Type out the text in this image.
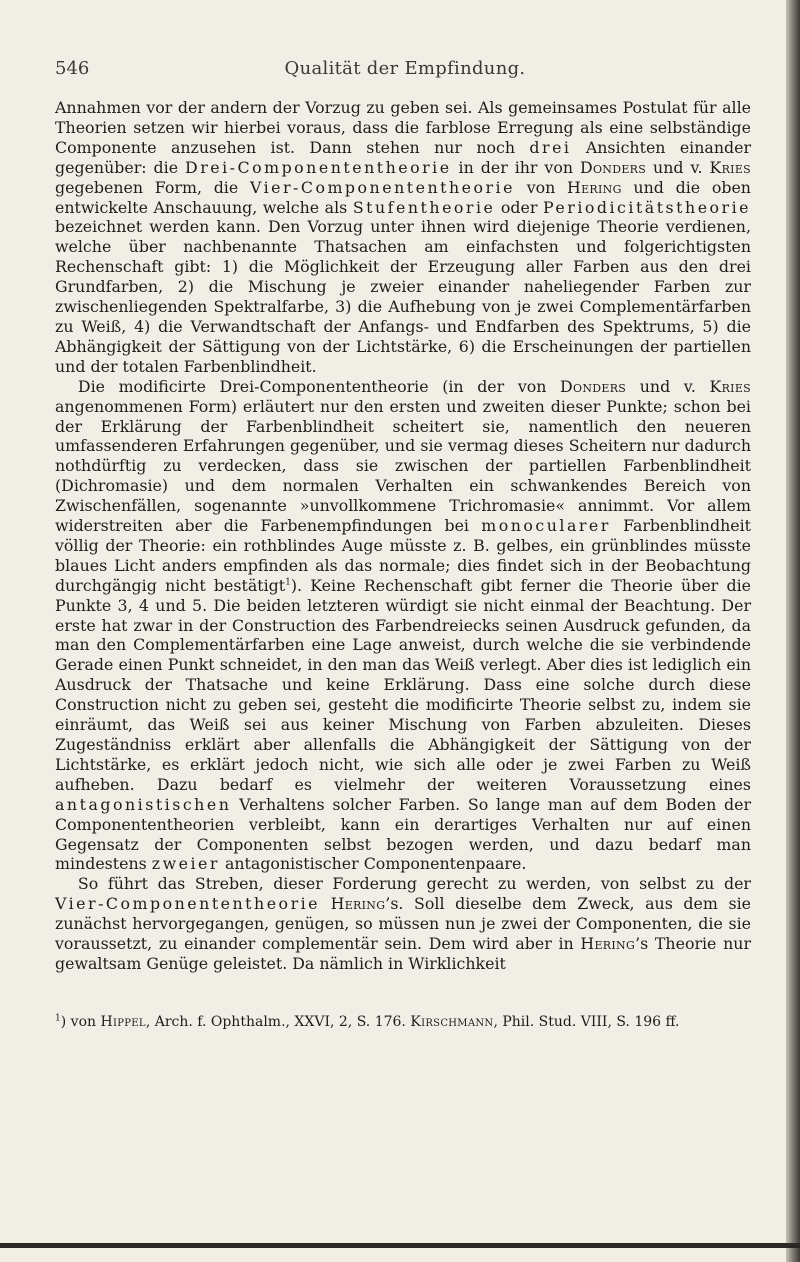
546	Qualität der Empfindung.

Annahmen vor der andern der Vorzug zu geben sei. Als gemeinsames Postulat für alle Theorien setzen wir hierbei voraus, dass die farblose Erregung als eine selbständige Componente anzusehen ist. Dann stehen nur noch drei Ansichten einander gegenüber: die Drei-Componententheorie in der ihr von Donders und v. Kries gegebenen Form, die Vier-Componententheorie von Hering und die oben entwickelte Anschauung, welche als Stufentheorie oder Periodicitätstheorie bezeichnet werden kann. Den Vorzug unter ihnen wird diejenige Theorie verdienen, welche über nachbenannte Thatsachen am einfachsten und folgerichtigsten Rechenschaft gibt: 1) die Möglichkeit der Erzeugung aller Farben aus den drei Grundfarben, 2) die Mischung je zweier einander naheliegender Farben zur zwischenliegenden Spektralfarbe, 3) die Aufhebung von je zwei Complementärfarben zu Weiß, 4) die Verwandtschaft der Anfangs- und Endfarben des Spektrums, 5) die Abhängigkeit der Sättigung von der Lichtstärke, 6) die Erscheinungen der partiellen und der totalen Farbenblindheit.

Die modificirte Drei-Componententheorie (in der von Donders und v. Kries angenommenen Form) erläutert nur den ersten und zweiten dieser Punkte; schon bei der Erklärung der Farbenblindheit scheitert sie, namentlich den neueren umfassenderen Erfahrungen gegenüber, und sie vermag dieses Scheitern nur dadurch nothdürftig zu verdecken, dass sie zwischen der partiellen Farbenblindheit (Dichromasie) und dem normalen Verhalten ein schwankendes Bereich von Zwischenfällen, sogenannte »unvollkommene Trichromasie« annimmt. Vor allem widerstreiten aber die Farbenempfindungen bei monocularer Farbenblindheit völlig der Theorie: ein rothblindes Auge müsste z. B. gelbes, ein grünblindes müsste blaues Licht anders empfinden als das normale; dies findet sich in der Beobachtung durchgängig nicht bestätigt$^1$). Keine Rechenschaft gibt ferner die Theorie über die Punkte 3, 4 und 5. Die beiden letzteren würdigt sie nicht einmal der Beachtung. Der erste hat zwar in der Construction des Farbendreiecks seinen Ausdruck gefunden, da man den Complementärfarben eine Lage anweist, durch welche die sie verbindende Gerade einen Punkt schneidet, in den man das Weiß verlegt. Aber dies ist lediglich ein Ausdruck der Thatsache und keine Erklärung. Dass eine solche durch diese Construction nicht zu geben sei, gesteht die modificirte Theorie selbst zu, indem sie einräumt, das Weiß sei aus keiner Mischung von Farben abzuleiten. Dieses Zugeständniss erklärt aber allenfalls die Abhängigkeit der Sättigung von der Lichtstärke, es erklärt jedoch nicht, wie sich alle oder je zwei Farben zu Weiß aufheben. Dazu bedarf es vielmehr der weiteren Voraussetzung eines antagonistischen Verhaltens solcher Farben. So lange man auf dem Boden der Componententheorien verbleibt, kann ein derartiges Verhalten nur auf einen Gegensatz der Componenten selbst bezogen werden, und dazu bedarf man mindestens zweier antagonistischer Componentenpaare.

So führt das Streben, dieser Forderung gerecht zu werden, von selbst zu der Vier-Componententheorie Hering’s. Soll dieselbe dem Zweck, aus dem sie zunächst hervorgegangen, genügen, so müssen nun je zwei der Componenten, die sie voraussetzt, zu einander complementär sein. Dem wird aber in Hering’s Theorie nur gewaltsam Genüge geleistet. Da nämlich in Wirklichkeit

$^1$) von Hippel, Arch. f. Ophthalm., XXVI, 2, S. 176. Kirschmann, Phil. Stud. VIII, S. 196 ff.
